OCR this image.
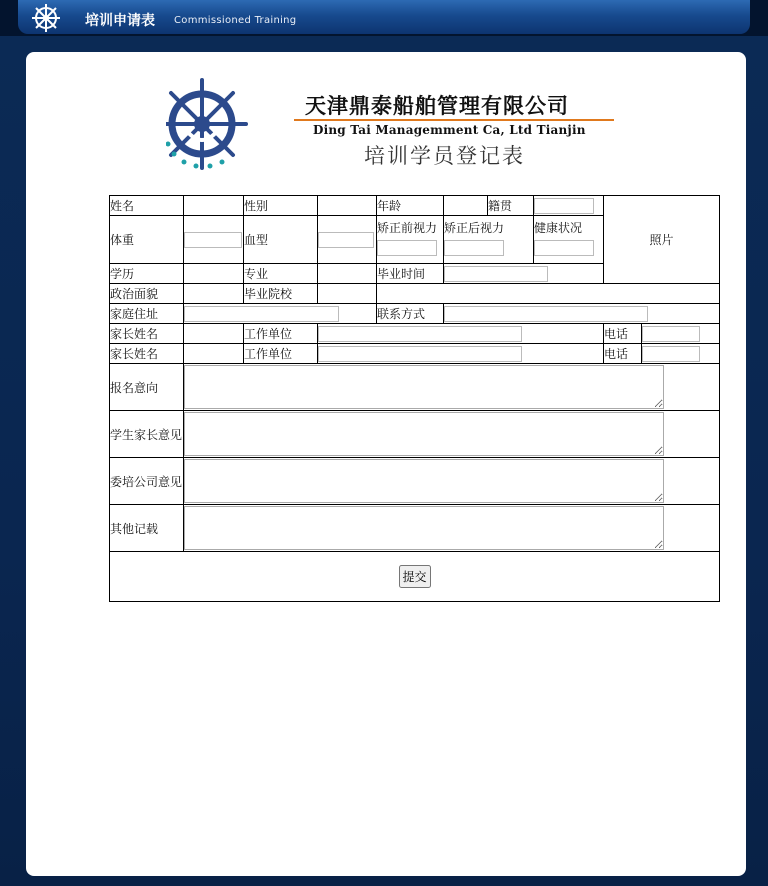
培训申请表 Commissioned Training
天津鼎泰船舶管理有限公司
Ding Tai Managemment Ca, Ltd Tianjin
培训学员登记表
姓名		性别		年龄		籍贯		照片	
体重		血型		矫正前视力	矫正后视力		健康状况		

学历		专业		毕业时间	

政治面貌		毕业院校							
家庭住址				联系方式	

家长姓名		工作单位						电话	

家长姓名		工作单位						电话	

报名意向	

学生家长意见	

委培公司意见	

其他记载	

提交									
